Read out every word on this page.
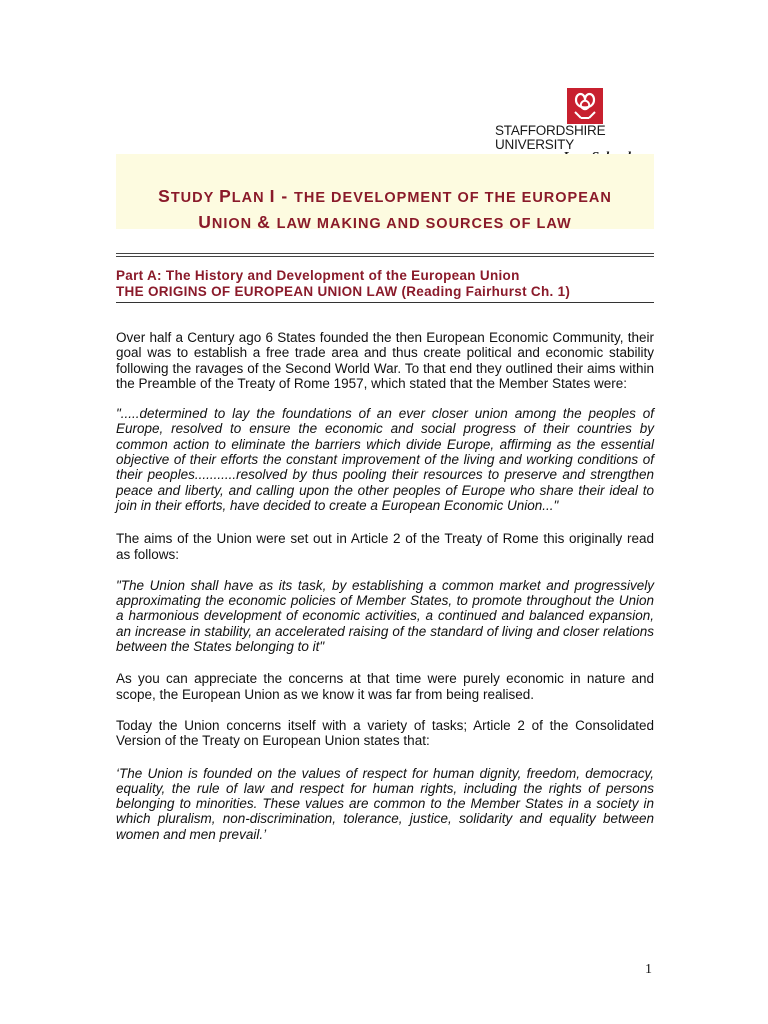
STAFFORDSHIRE
UNIVERSITY
STUDY PLAN I - THE DEVELOPMENT OF THE EUROPEAN
UNION & LAW MAKING AND SOURCES OF LAW
Part A: The History and Development of the European Union
THE ORIGINS OF EUROPEAN UNION LAW (Reading Fairhurst Ch. 1)

Over half a Century ago 6 States founded the then European Economic Community, their goal was to establish a free trade area and thus create political and economic stability following the ravages of the Second World War. To that end they outlined their aims within the Preamble of the Treaty of Rome 1957, which stated that the Member States were:

".....determined to lay the foundations of an ever closer union among the peoples of Europe, resolved to ensure the economic and social progress of their countries by common action to eliminate the barriers which divide Europe, affirming as the essential objective of their efforts the constant improvement of the living and working conditions of their peoples...........resolved by thus pooling their resources to preserve and strengthen peace and liberty, and calling upon the other peoples of Europe who share their ideal to join in their efforts, have decided to create a European Economic Union..."

The aims of the Union were set out in Article 2 of the Treaty of Rome this originally read as follows:

"The Union shall have as its task, by establishing a common market and progressively approximating the economic policies of Member States, to promote throughout the Union a harmonious development of economic activities, a continued and balanced expansion, an increase in stability, an accelerated raising of the standard of living and closer relations between the States belonging to it"

As you can appreciate the concerns at that time were purely economic in nature and scope, the European Union as we know it was far from being realised.

Today the Union concerns itself with a variety of tasks; Article 2 of the Consolidated Version of the Treaty on European Union states that:

‘The Union is founded on the values of respect for human dignity, freedom, democracy, equality, the rule of law and respect for human rights, including the rights of persons belonging to minorities. These values are common to the Member States in a society in which pluralism, non-discrimination, tolerance, justice, solidarity and equality between women and men prevail.’

1
